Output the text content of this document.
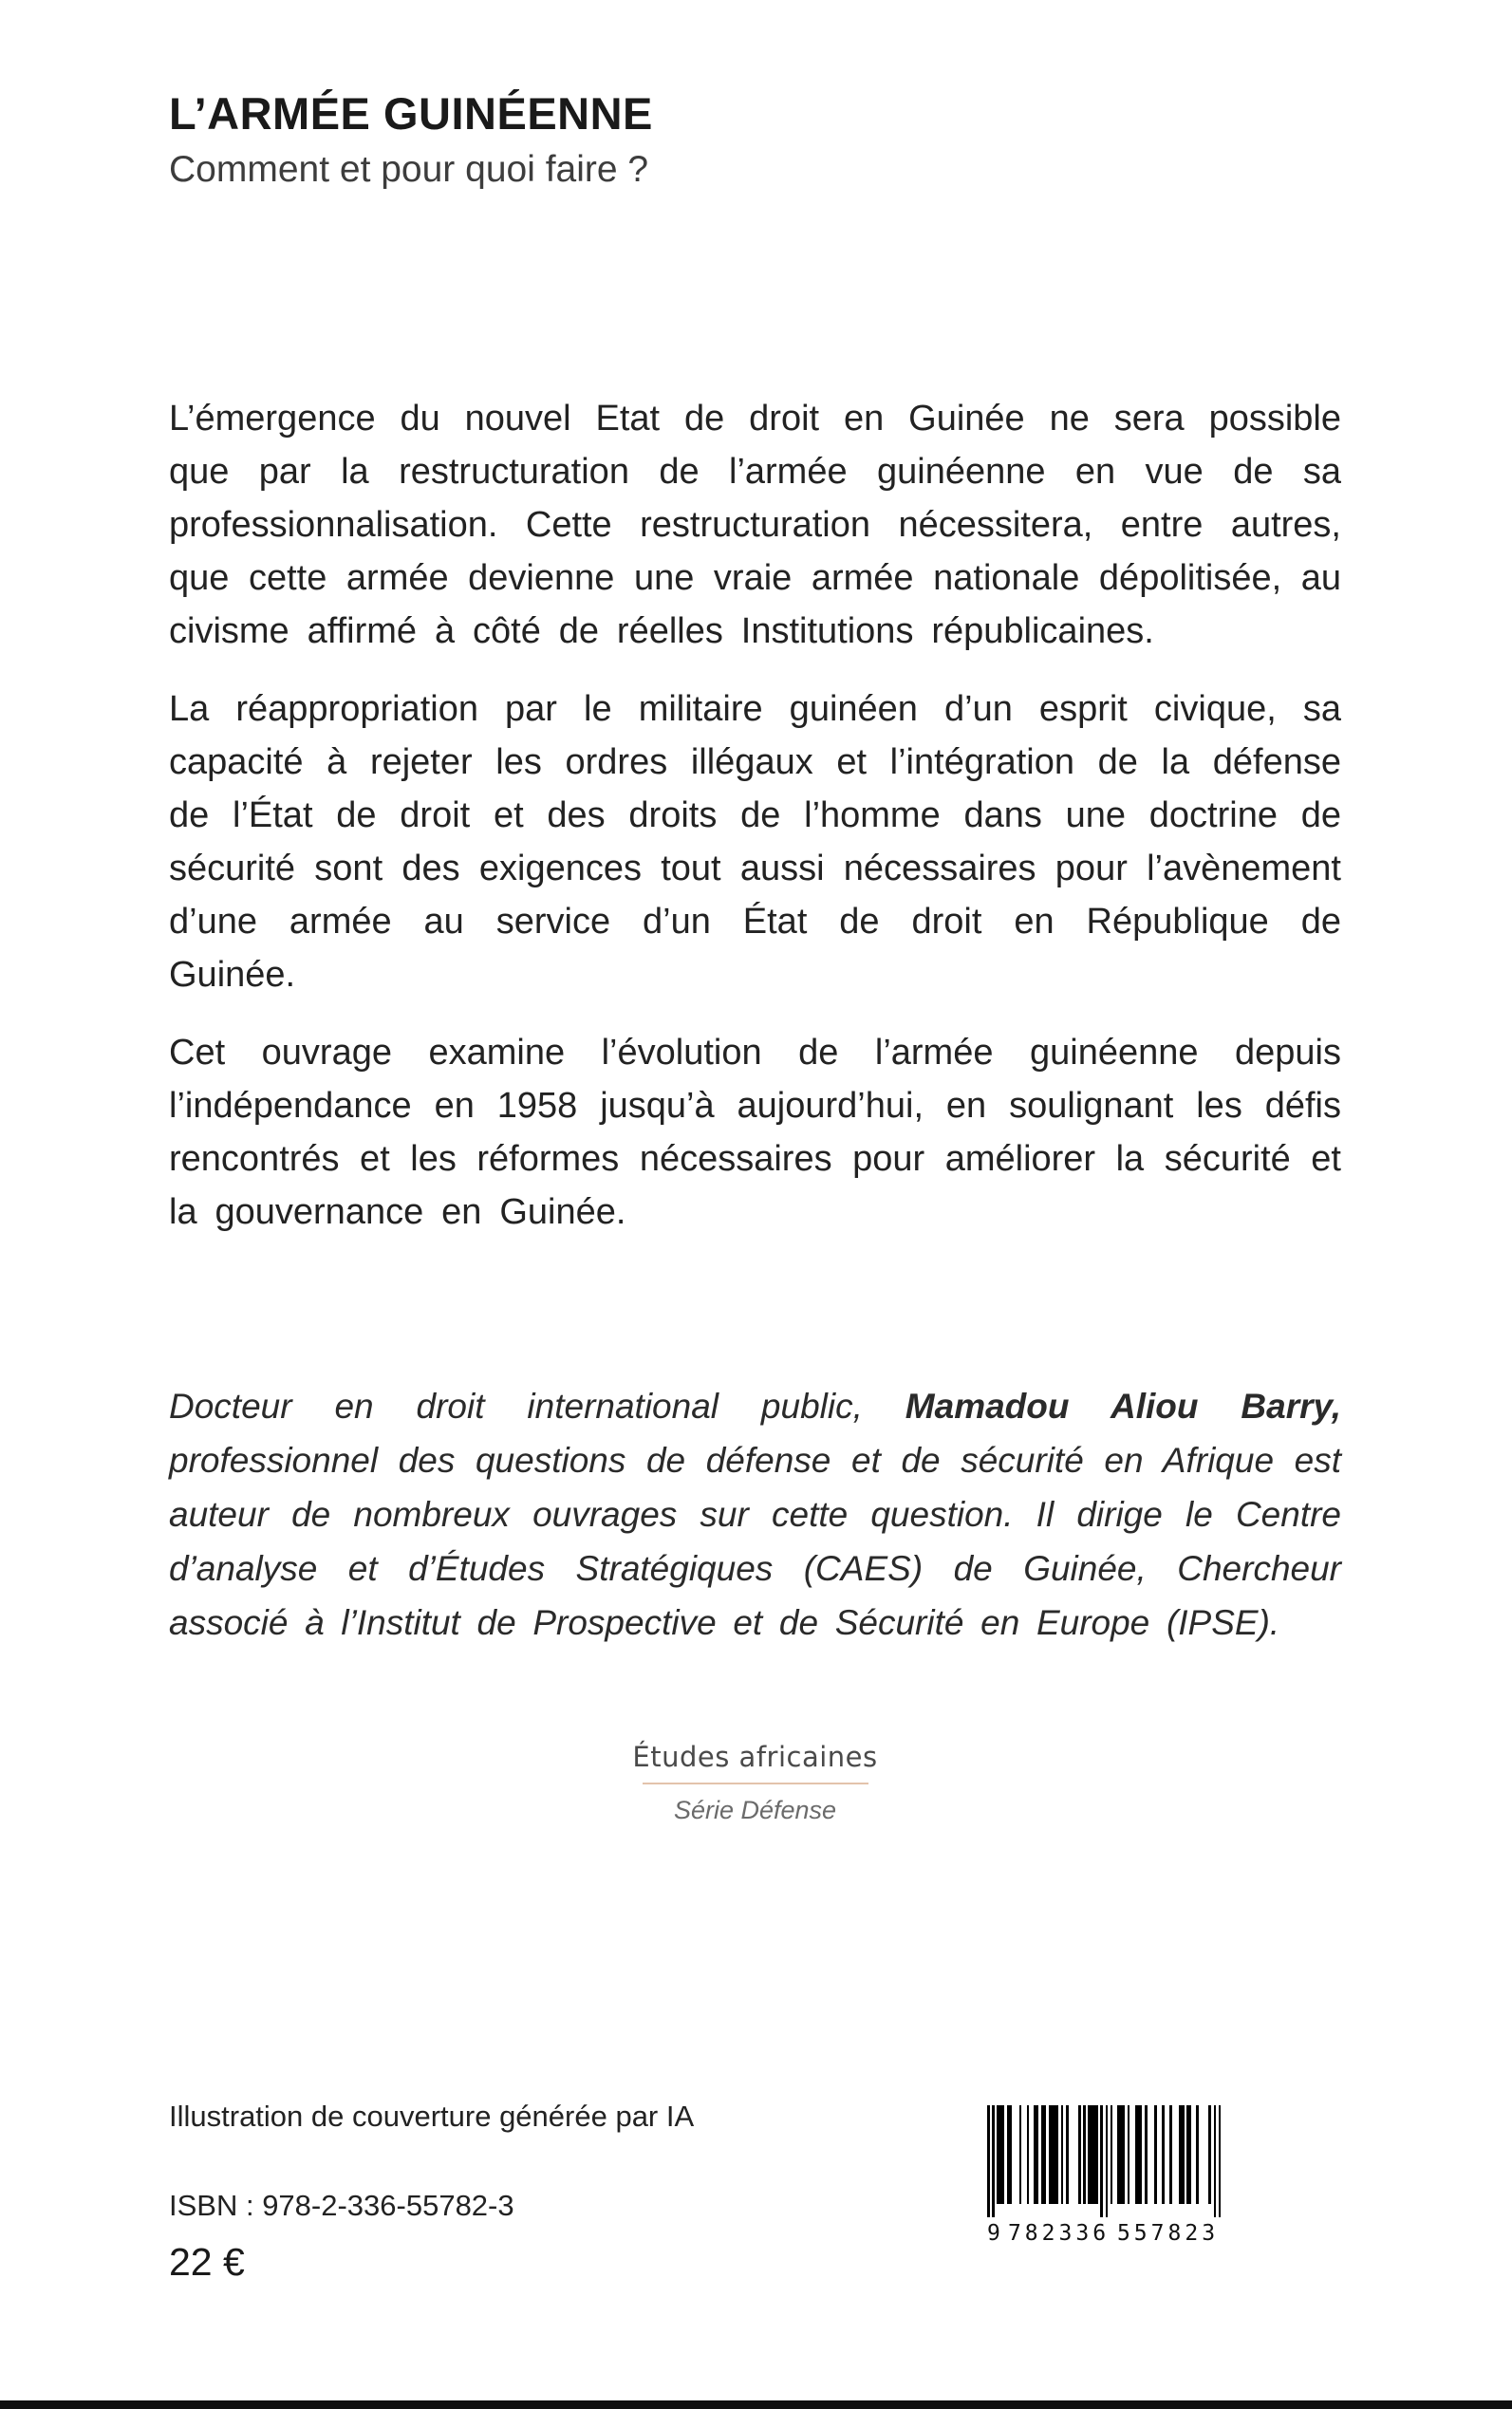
L’ARMÉE GUINÉENNE
Comment et pour quoi faire ?

L’émergence du nouvel Etat de droit en Guinée ne sera possible que par la restructuration de l’armée guinéenne en vue de sa professionnalisation. Cette restructuration nécessitera, entre autres, que cette armée devienne une vraie armée nationale dépolitisée, au civisme affirmé à côté de réelles Institutions républicaines.

La réappropriation par le militaire guinéen d’un esprit civique, sa capacité à rejeter les ordres illégaux et l’intégration de la défense de l’État de droit et des droits de l’homme dans une doctrine de sécurité sont des exigences tout aussi nécessaires pour l’avènement d’une armée au service d’un État de droit en République de Guinée.

Cet ouvrage examine l’évolution de l’armée guinéenne depuis l’indépendance en 1958 jusqu’à aujourd’hui, en soulignant les défis rencontrés et les réformes nécessaires pour améliorer la sécurité et la gouvernance en Guinée.

Docteur en droit international public, Mamadou Aliou Barry, professionnel des questions de défense et de sécurité en Afrique est auteur de nombreux ouvrages sur cette question. Il dirige le Centre d’analyse et d’Études Stratégiques (CAES) de Guinée, Chercheur associé à l’Institut de Prospective et de Sécurité en Europe (IPSE).

Études africaines
Série Défense
Illustration de couverture générée par IA
ISBN : 978-2-336-55782-3
22 €
9 782336 557823
